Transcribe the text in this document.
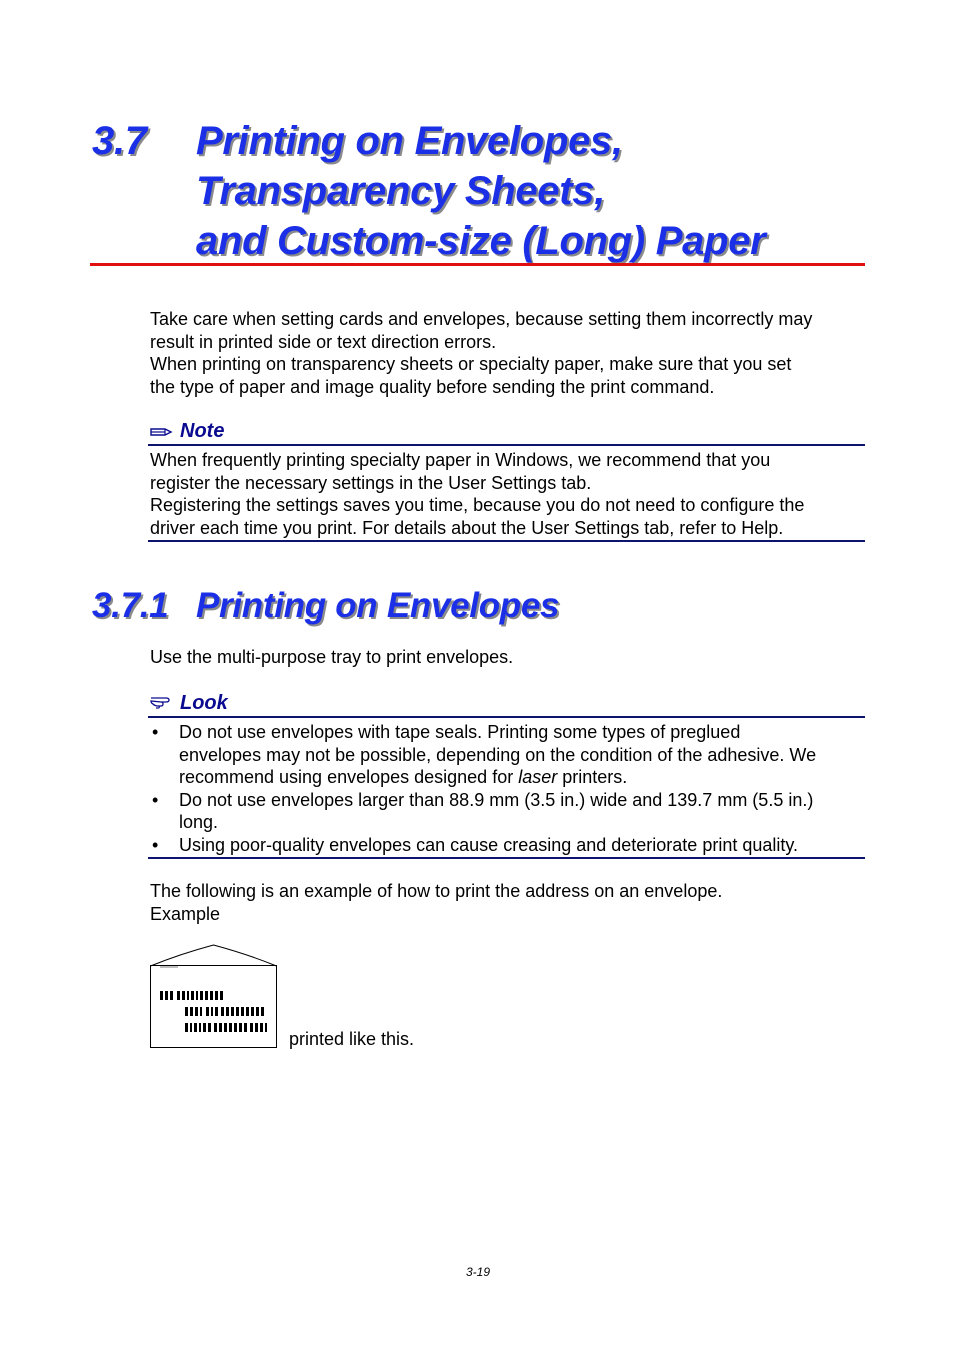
3.7 Printing on Envelopes,
Transparency Sheets,
and Custom-size (Long) Paper
Take care when setting cards and envelopes, because setting them incorrectly may
result in printed side or text direction errors.
When printing on transparency sheets or specialty paper, make sure that you set
the type of paper and image quality before sending the print command.
Note
When frequently printing specialty paper in Windows, we recommend that you
register the necessary settings in the User Settings tab.
Registering the settings saves you time, because you do not need to configure the
driver each time you print. For details about the User Settings tab, refer to Help.
3.7.1 Printing on Envelopes
Use the multi-purpose tray to print envelopes.
Look
• Do not use envelopes with tape seals. Printing some types of preglued
envelopes may not be possible, depending on the condition of the adhesive. We
recommend using envelopes designed for laser printers.
• Do not use envelopes larger than 88.9 mm (3.5 in.) wide and 139.7 mm (5.5 in.)
long.
• Using poor-quality envelopes can cause creasing and deteriorate print quality.
The following is an example of how to print the address on an envelope.
Example
printed like this.
3-19
